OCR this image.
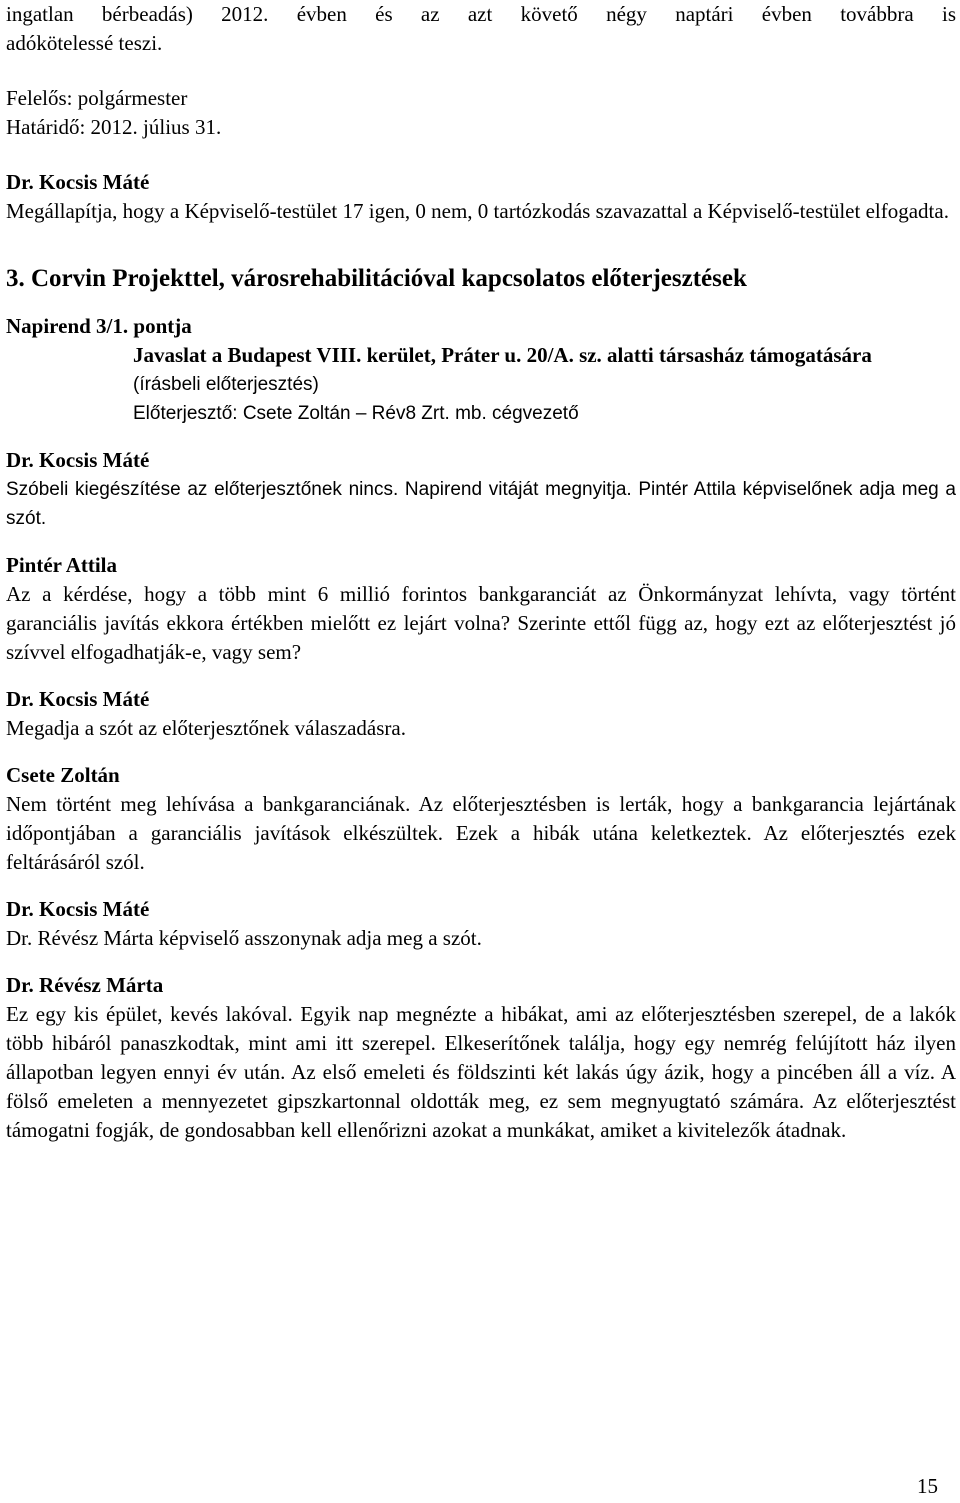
ingatlan bérbeadás) 2012. évben és az azt követő négy naptári évben továbbra is

adókötelessé teszi.

Felelős: polgármester

Határidő: 2012. július 31.

Dr. Kocsis Máté

Megállapítja, hogy a Képviselő-testület 17 igen, 0 nem, 0 tartózkodás szavazattal a Képviselő-testület elfogadta.

3. Corvin Projekttel, városrehabilitációval kapcsolatos előterjesztések

Napirend 3/1. pontja

Javaslat a Budapest VIII. kerület, Práter u. 20/A. sz. alatti társasház támogatására

(írásbeli előterjesztés)

Előterjesztő: Csete Zoltán – Rév8 Zrt. mb. cégvezető

Dr. Kocsis Máté

Szóbeli kiegészítése az előterjesztőnek nincs. Napirend vitáját megnyitja. Pintér Attila képviselőnek adja meg a szót.

Pintér Attila

Az a kérdése, hogy a több mint 6 millió forintos bankgaranciát az Önkormányzat lehívta, vagy történt garanciális javítás ekkora értékben mielőtt ez lejárt volna? Szerinte ettől függ az, hogy ezt az előterjesztést jó szívvel elfogadhatják-e, vagy sem?

Dr. Kocsis Máté

Megadja a szót az előterjesztőnek válaszadásra.

Csete Zoltán

Nem történt meg lehívása a bankgaranciának. Az előterjesztésben is lerták, hogy a bankgarancia lejártának időpontjában a garanciális javítások elkészültek. Ezek a hibák utána keletkeztek. Az előterjesztés ezek feltárásáról szól.

Dr. Kocsis Máté

Dr. Révész Márta képviselő asszonynak adja meg a szót.

Dr. Révész Márta

Ez egy kis épület, kevés lakóval. Egyik nap megnézte a hibákat, ami az előterjesztésben szerepel, de a lakók több hibáról panaszkodtak, mint ami itt szerepel. Elkeserítőnek találja, hogy egy nemrég felújított ház ilyen állapotban legyen ennyi év után. Az első emeleti és földszinti két lakás úgy ázik, hogy a pincében áll a víz. A fölső emeleten a mennyezetet gipszkartonnal oldották meg, ez sem megnyugtató számára. Az előterjesztést támogatni fogják, de gondosabban kell ellenőrizni azokat a munkákat, amiket a kivitelezők átadnak.

15
